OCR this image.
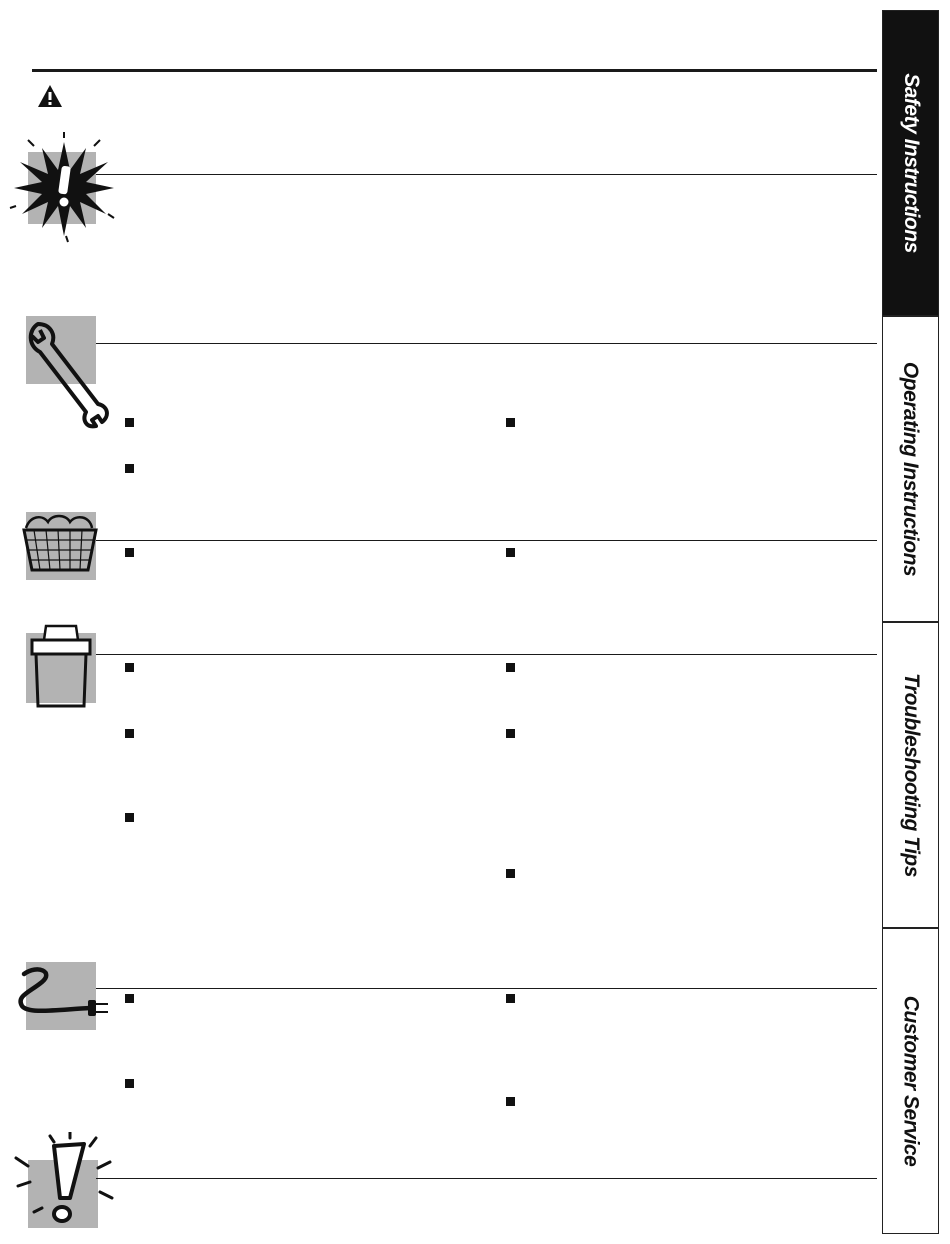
Safety Instructions
Operating Instructions
Troubleshooting Tips
Customer Service
